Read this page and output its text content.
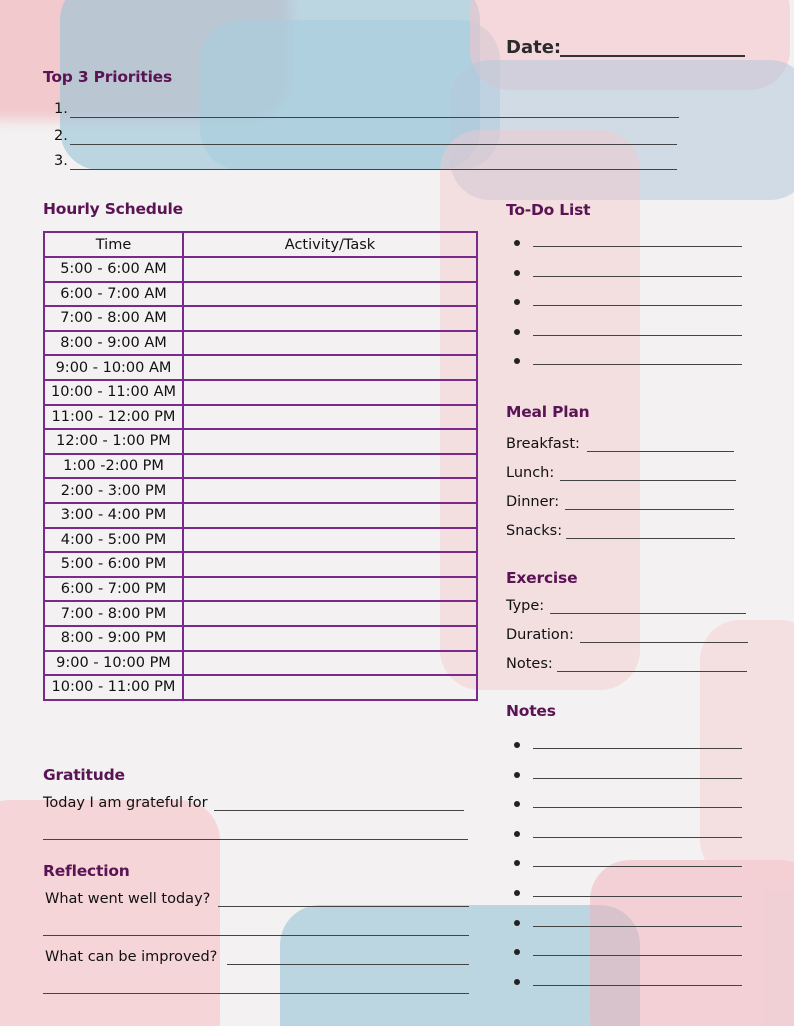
Date:
Top 3 Priorities
1.
2.
3.
Hourly Schedule
Time	Activity/Task
5:00 - 6:00 AM	
6:00 - 7:00 AM	
7:00 - 8:00 AM	
8:00 - 9:00 AM	
9:00 - 10:00 AM	
10:00 - 11:00 AM	
11:00 - 12:00 PM	
12:00 - 1:00 PM	
1:00 -2:00 PM	
2:00 - 3:00 PM	
3:00 - 4:00 PM	
4:00 - 5:00 PM	
5:00 - 6:00 PM	
6:00 - 7:00 PM	
7:00 - 8:00 PM	
8:00 - 9:00 PM	
9:00 - 10:00 PM	
10:00 - 11:00 PM	
To-Do List
Meal Plan
Breakfast:
Lunch:
Dinner:
Snacks:
Exercise
Type:
Duration:
Notes:
Notes
Gratitude
Today I am grateful for
Reflection
What went well today?
What can be improved?
